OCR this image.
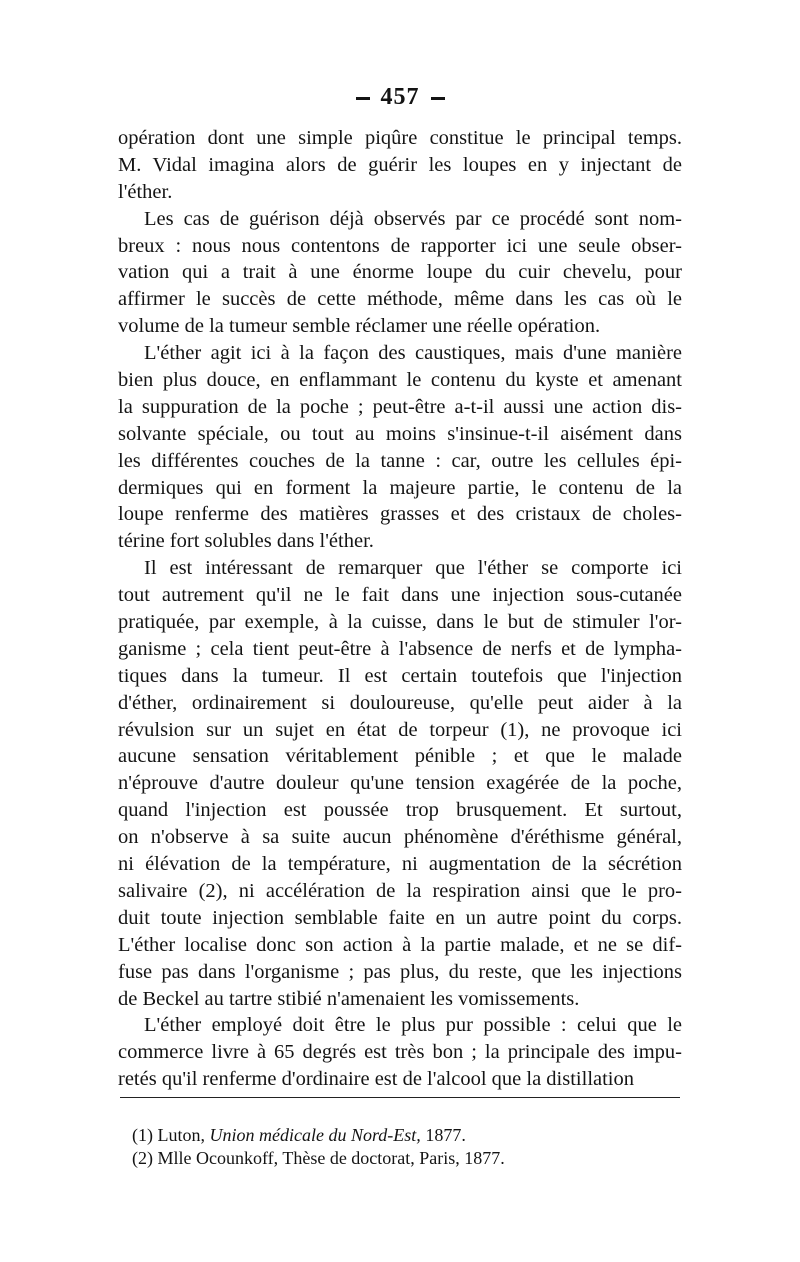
457
opération dont une simple piqûre constitue le principal temps.
M. Vidal imagina alors de guérir les loupes en y injectant de
l'éther.
Les cas de guérison déjà observés par ce procédé sont nom-
breux : nous nous contentons de rapporter ici une seule obser-
vation qui a trait à une énorme loupe du cuir chevelu, pour
affirmer le succès de cette méthode, même dans les cas où le
volume de la tumeur semble réclamer une réelle opération.
L'éther agit ici à la façon des caustiques, mais d'une manière
bien plus douce, en enflammant le contenu du kyste et amenant
la suppuration de la poche ; peut-être a-t-il aussi une action dis-
solvante spéciale, ou tout au moins s'insinue-t-il aisément dans
les différentes couches de la tanne : car, outre les cellules épi-
dermiques qui en forment la majeure partie, le contenu de la
loupe renferme des matières grasses et des cristaux de choles-
térine fort solubles dans l'éther.
Il est intéressant de remarquer que l'éther se comporte ici
tout autrement qu'il ne le fait dans une injection sous-cutanée
pratiquée, par exemple, à la cuisse, dans le but de stimuler l'or-
ganisme ; cela tient peut-être à l'absence de nerfs et de lympha-
tiques dans la tumeur. Il est certain toutefois que l'injection
d'éther, ordinairement si douloureuse, qu'elle peut aider à la
révulsion sur un sujet en état de torpeur (1), ne provoque ici
aucune sensation véritablement pénible ; et que le malade
n'éprouve d'autre douleur qu'une tension exagérée de la poche,
quand l'injection est poussée trop brusquement. Et surtout,
on n'observe à sa suite aucun phénomène d'éréthisme général,
ni élévation de la température, ni augmentation de la sécrétion
salivaire (2), ni accélération de la respiration ainsi que le pro-
duit toute injection semblable faite en un autre point du corps.
L'éther localise donc son action à la partie malade, et ne se dif-
fuse pas dans l'organisme ; pas plus, du reste, que les injections
de Beckel au tartre stibié n'amenaient les vomissements.
L'éther employé doit être le plus pur possible : celui que le
commerce livre à 65 degrés est très bon ; la principale des impu-
retés qu'il renferme d'ordinaire est de l'alcool que la distillation
(1) Luton, Union médicale du Nord-Est, 1877.
(2) Mlle Ocounkoff, Thèse de doctorat, Paris, 1877.
